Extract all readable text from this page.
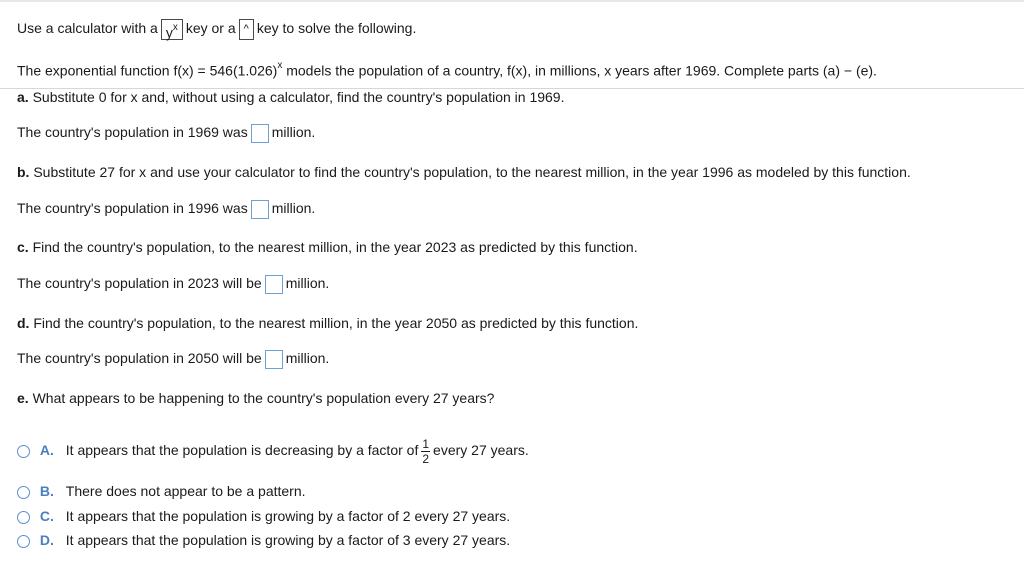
Use a calculator with a $y^x$ key or a ^ key to solve the following.
The exponential function $f(x) = 546(1.026)^x$ models the population of a country, f(x), in millions, x years after 1969. Complete parts (a) − (e).
a. Substitute 0 for x and, without using a calculator, find the country's population in 1969.
The country's population in 1969 was million.
b. Substitute 27 for x and use your calculator to find the country's population, to the nearest million, in the year 1996 as modeled by this function.
The country's population in 1996 was million.
c. Find the country's population, to the nearest million, in the year 2023 as predicted by this function.
The country's population in 2023 will be million.
d. Find the country's population, to the nearest million, in the year 2050 as predicted by this function.
The country's population in 2050 will be million.
e. What appears to be happening to the country's population every 27 years?
A. It appears that the population is decreasing by a factor of $\frac{1}{2}$ every 27 years.
B. There does not appear to be a pattern.
C. It appears that the population is growing by a factor of 2 every 27 years.
D. It appears that the population is growing by a factor of 3 every 27 years.
